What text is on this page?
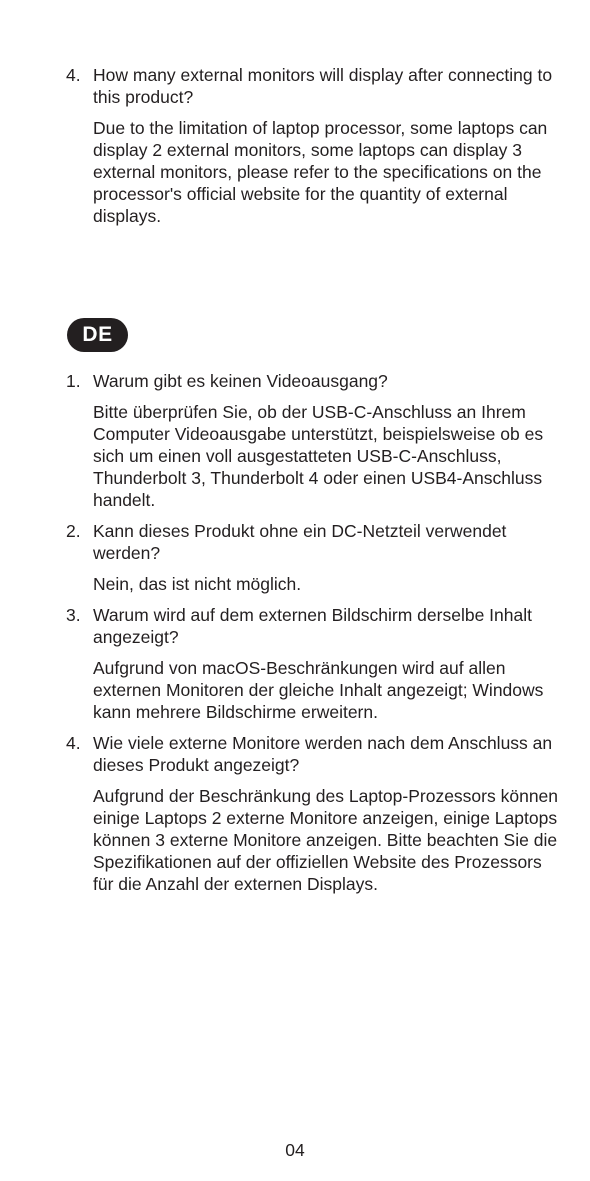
4. How many external monitors will display after connecting to this product?

Due to the limitation of laptop processor, some laptops can display 2 external monitors, some laptops can display 3 external monitors, please refer to the specifications on the processor's official website for the quantity of external displays.

DE
1. Warum gibt es keinen Videoausgang?

Bitte überprüfen Sie, ob der USB-C-Anschluss an Ihrem Computer Videoausgabe unterstützt, beispielsweise ob es sich um einen voll ausgestatteten USB-C-Anschluss, Thunderbolt 3, Thunderbolt 4 oder einen USB4-Anschluss handelt.

2. Kann dieses Produkt ohne ein DC-Netzteil verwendet werden?

Nein, das ist nicht möglich.

3. Warum wird auf dem externen Bildschirm derselbe Inhalt angezeigt?

Aufgrund von macOS-Beschränkungen wird auf allen externen Monitoren der gleiche Inhalt angezeigt; Windows kann mehrere Bildschirme erweitern.

4. Wie viele externe Monitore werden nach dem Anschluss an dieses Produkt angezeigt?

Aufgrund der Beschränkung des Laptop-Prozessors können einige Laptops 2 externe Monitore anzeigen, einige Laptops können 3 externe Monitore anzeigen. Bitte beachten Sie die Spezifikationen auf der offiziellen Website des Prozessors für die Anzahl der externen Displays.

04
